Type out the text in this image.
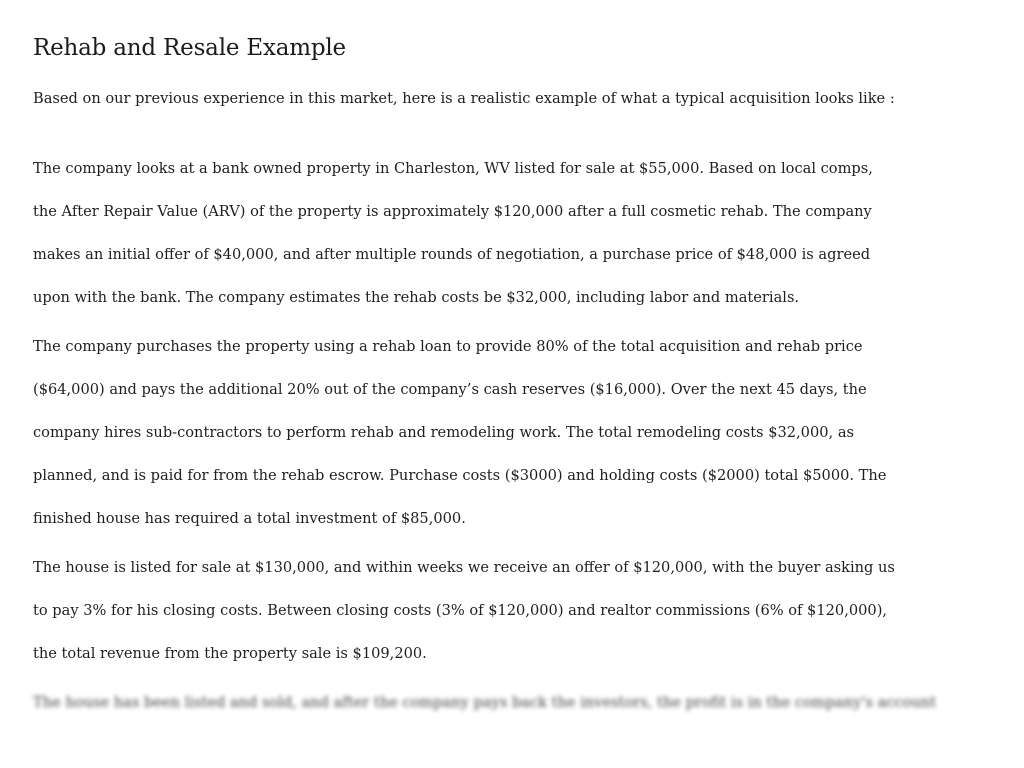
Rehab and Resale Example

Based on our previous experience in this market, here is a realistic example of what a typical acquisition looks like :

The company looks at a bank owned property in Charleston, WV listed for sale at $55,000. Based on local comps,
the After Repair Value (ARV) of the property is approximately $120,000 after a full cosmetic rehab. The company
makes an initial offer of $40,000, and after multiple rounds of negotiation, a purchase price of $48,000 is agreed
upon with the bank. The company estimates the rehab costs be $32,000, including labor and materials.
The company purchases the property using a rehab loan to provide 80% of the total acquisition and rehab price
($64,000) and pays the additional 20% out of the company’s cash reserves ($16,000). Over the next 45 days, the
company hires sub-contractors to perform rehab and remodeling work. The total remodeling costs $32,000, as
planned, and is paid for from the rehab escrow. Purchase costs ($3000) and holding costs ($2000) total $5000. The
finished house has required a total investment of $85,000.
The house is listed for sale at $130,000, and within weeks we receive an offer of $120,000, with the buyer asking us
to pay 3% for his closing costs. Between closing costs (3% of $120,000) and realtor commissions (6% of $120,000),
the total revenue from the property sale is $109,200.
The house has been listed and sold, and after the company pays back the investors, the profit is in the company's account
